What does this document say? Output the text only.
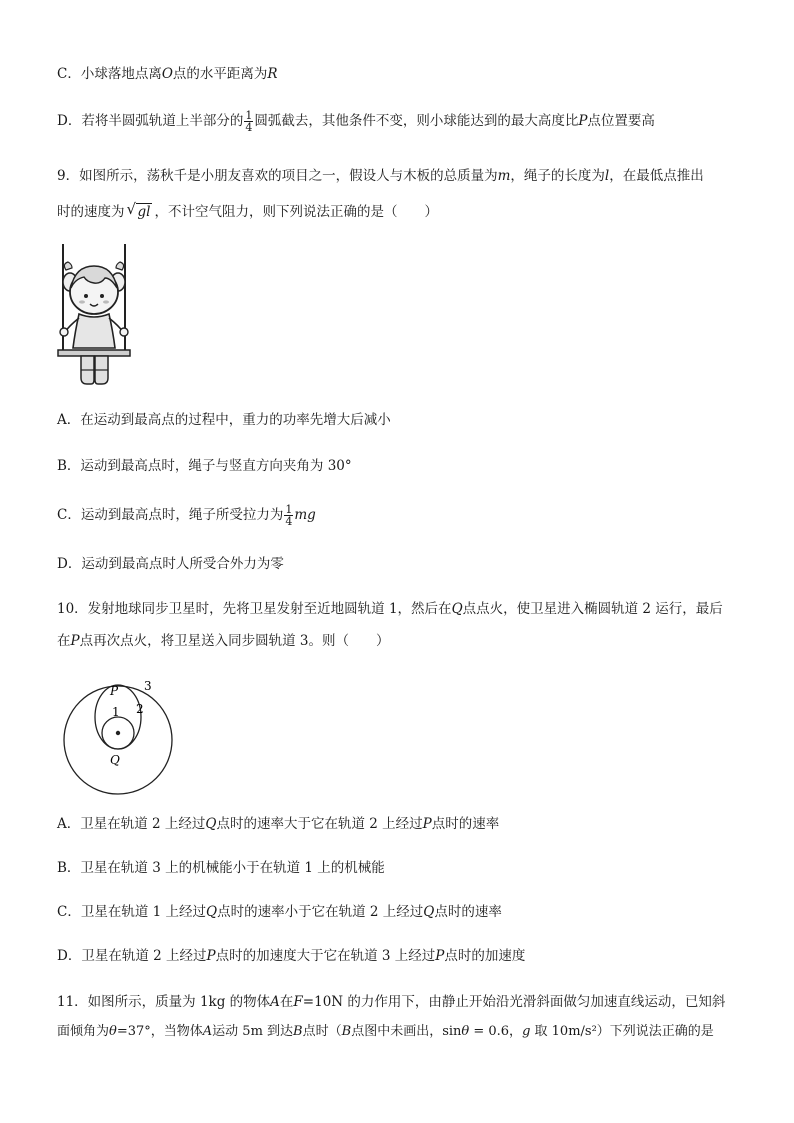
C．小球落地点离O点的水平距离为R
D．若将半圆弧轨道上半部分的 $\frac{1}{4}$ 圆弧截去，其他条件不变，则小球能达到的最大高度比P点位置要高
9．如图所示，荡秋千是小朋友喜欢的项目之一，假设人与木板的总质量为m，绳子的长度为l，在最低点推出
时的速度为 √ gl ，不计空气阻力，则下列说法正确的是（　　）
A．在运动到最高点的过程中，重力的功率先增大后减小
B．运动到最高点时，绳子与竖直方向夹角为 30°
C．运动到最高点时，绳子所受拉力为 $\frac{1}{4}$ mg
D．运动到最高点时人所受合外力为零
10．发射地球同步卫星时，先将卫星发射至近地圆轨道 1，然后在Q点点火，使卫星进入椭圆轨道 2 运行，最后
在P点再次点火，将卫星送入同步圆轨道 3。则（　　）
P 3
2
1
Q
A．卫星在轨道 2 上经过Q点时的速率大于它在轨道 2 上经过P点时的速率
B．卫星在轨道 3 上的机械能小于在轨道 1 上的机械能
C．卫星在轨道 1 上经过Q点时的速率小于它在轨道 2 上经过Q点时的速率
D．卫星在轨道 2 上经过P点时的加速度大于它在轨道 3 上经过P点时的加速度
11．如图所示，质量为 1kg 的物体A在F=10N 的力作用下，由静止开始沿光滑斜面做匀加速直线运动，已知斜
面倾角为θ=37°，当物体A运动 5m 到达B点时（B点图中未画出，sinθ = 0.6，g 取 10m/s²）下列说法正确的是
